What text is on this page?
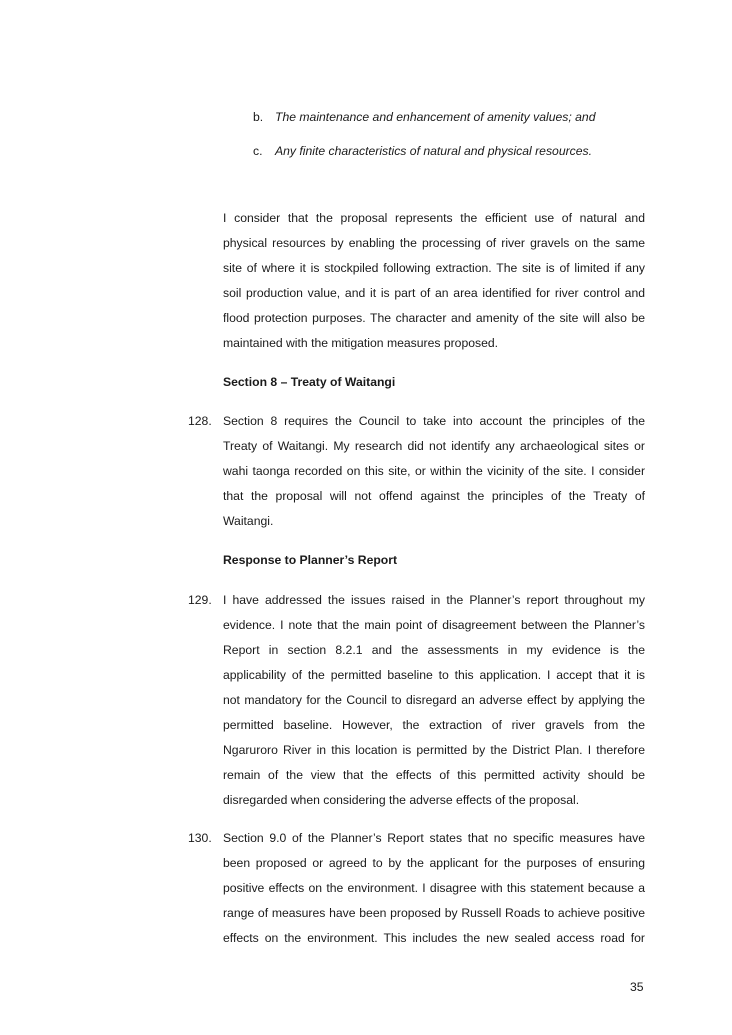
b. The maintenance and enhancement of amenity values; and
c. Any finite characteristics of natural and physical resources.
I consider that the proposal represents the efficient use of natural and
physical resources by enabling the processing of river gravels on the same
site of where it is stockpiled following extraction. The site is of limited if any
soil production value, and it is part of an area identified for river control and
flood protection purposes. The character and amenity of the site will also be
maintained with the mitigation measures proposed.
Section 8 – Treaty of Waitangi
128. Section 8 requires the Council to take into account the principles of the
Treaty of Waitangi. My research did not identify any archaeological sites or
wahi taonga recorded on this site, or within the vicinity of the site. I consider
that the proposal will not offend against the principles of the Treaty of
Waitangi.
Response to Planner’s Report
129. I have addressed the issues raised in the Planner’s report throughout my
evidence. I note that the main point of disagreement between the Planner’s
Report in section 8.2.1 and the assessments in my evidence is the
applicability of the permitted baseline to this application. I accept that it is
not mandatory for the Council to disregard an adverse effect by applying the
permitted baseline. However, the extraction of river gravels from the
Ngaruroro River in this location is permitted by the District Plan. I therefore
remain of the view that the effects of this permitted activity should be
disregarded when considering the adverse effects of the proposal.
130. Section 9.0 of the Planner’s Report states that no specific measures have
been proposed or agreed to by the applicant for the purposes of ensuring
positive effects on the environment. I disagree with this statement because a
range of measures have been proposed by Russell Roads to achieve positive
effects on the environment. This includes the new sealed access road for
35
